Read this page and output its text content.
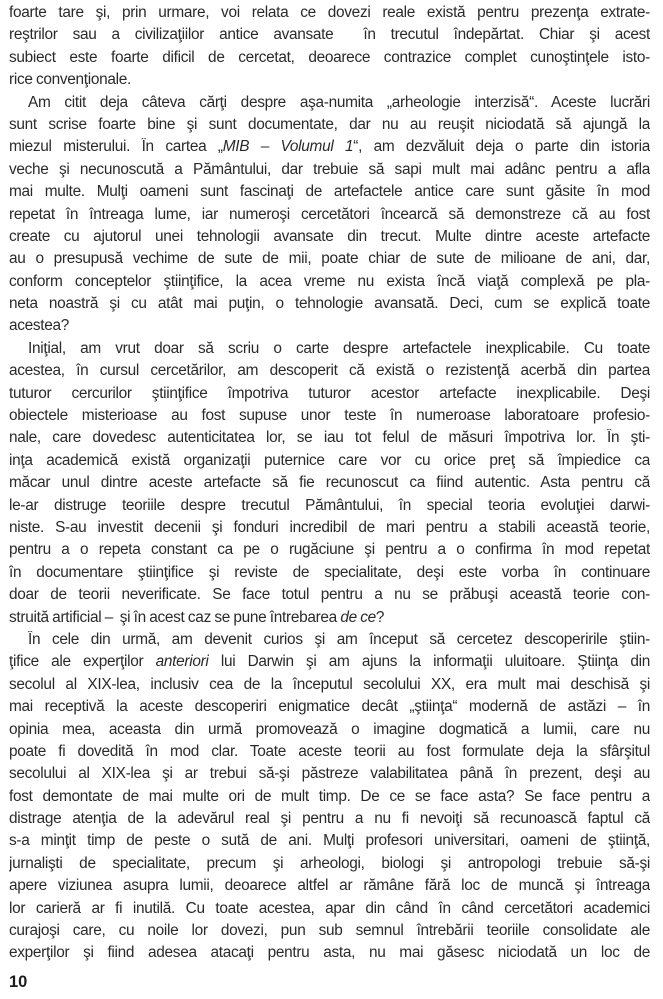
foarte tare şi, prin urmare, voi relata ce dovezi reale există pentru prezenţa extrate-
reştrilor sau a civilizaţiilor antice avansate  în trecutul îndepărtat. Chiar şi acest
subiect este foarte dificil de cercetat, deoarece contrazice complet cunoştinţele isto-
rice convenţionale.
Am citit deja câteva cărţi despre aşa-numita „arheologie interzisă“. Aceste lucrări
sunt scrise foarte bine şi sunt documentate, dar nu au reuşit niciodată să ajungă la
miezul misterului. În cartea „MIB – Volumul 1“, am dezvăluit deja o parte din istoria
veche şi necunoscută a Pământului, dar trebuie să sapi mult mai adânc pentru a afla
mai multe. Mulţi oameni sunt fascinaţi de artefactele antice care sunt găsite în mod
repetat în întreaga lume, iar numeroşi cercetători încearcă să demonstreze că au fost
create cu ajutorul unei tehnologii avansate din trecut. Multe dintre aceste artefacte
au o presupusă vechime de sute de mii, poate chiar de sute de milioane de ani, dar,
conform conceptelor ştiinţifice, la acea vreme nu exista încă viaţă complexă pe pla-
neta noastră şi cu atât mai puţin, o tehnologie avansată. Deci, cum se explică toate
acestea?
Iniţial, am vrut doar să scriu o carte despre artefactele inexplicabile. Cu toate
acestea, în cursul cercetărilor, am descoperit că există o rezistenţă acerbă din partea
tuturor cercurilor ştiinţifice împotriva tuturor acestor artefacte inexplicabile. Deşi
obiectele misterioase au fost supuse unor teste în numeroase laboratoare profesio-
nale, care dovedesc autenticitatea lor, se iau tot felul de măsuri împotriva lor. În şti-
inţa academică există organizaţii puternice care vor cu orice preţ să împiedice ca
măcar unul dintre aceste artefacte să fie recunoscut ca fiind autentic. Asta pentru că
le-ar distruge teoriile despre trecutul Pământului, în special teoria evoluţiei darwi-
niste. S-au investit decenii şi fonduri incredibil de mari pentru a stabili această teorie,
pentru a o repeta constant ca pe o rugăciune şi pentru a o confirma în mod repetat
în documentare ştiinţifice şi reviste de specialitate, deşi este vorba în continuare
doar de teorii neverificate. Se face totul pentru a nu se prăbuşi această teorie con-
struită artificial –  şi în acest caz se pune întrebarea de ce?
În cele din urmă, am devenit curios şi am început să cercetez descoperirile ştiin-
ţifice ale experţilor anteriori lui Darwin şi am ajuns la informaţii uluitoare. Ştiinţa din
secolul al XIX-lea, inclusiv cea de la începutul secolului XX, era mult mai deschisă şi
mai receptivă la aceste descoperiri enigmatice decât „ştiinţa“ modernă de astăzi – în
opinia mea, aceasta din urmă promovează o imagine dogmatică a lumii, care nu
poate fi dovedită în mod clar. Toate aceste teorii au fost formulate deja la sfârşitul
secolului al XIX-lea şi ar trebui să-şi păstreze valabilitatea până în prezent, deşi au
fost demontate de mai multe ori de mult timp. De ce se face asta? Se face pentru a
distrage atenţia de la adevărul real şi pentru a nu fi nevoiţi să recunoască faptul că
s-a minţit timp de peste o sută de ani. Mulţi profesori universitari, oameni de ştiinţă,
jurnalişti de specialitate, precum şi arheologi, biologi şi antropologi trebuie să-şi
apere viziunea asupra lumii, deoarece altfel ar rămâne fără loc de muncă şi întreaga
lor carieră ar fi inutilă. Cu toate acestea, apar din când în când cercetători academici
curajoşi care, cu noile lor dovezi, pun sub semnul întrebării teoriile consolidate ale
experţilor şi fiind adesea atacaţi pentru asta, nu mai găsesc niciodată un loc de
10
